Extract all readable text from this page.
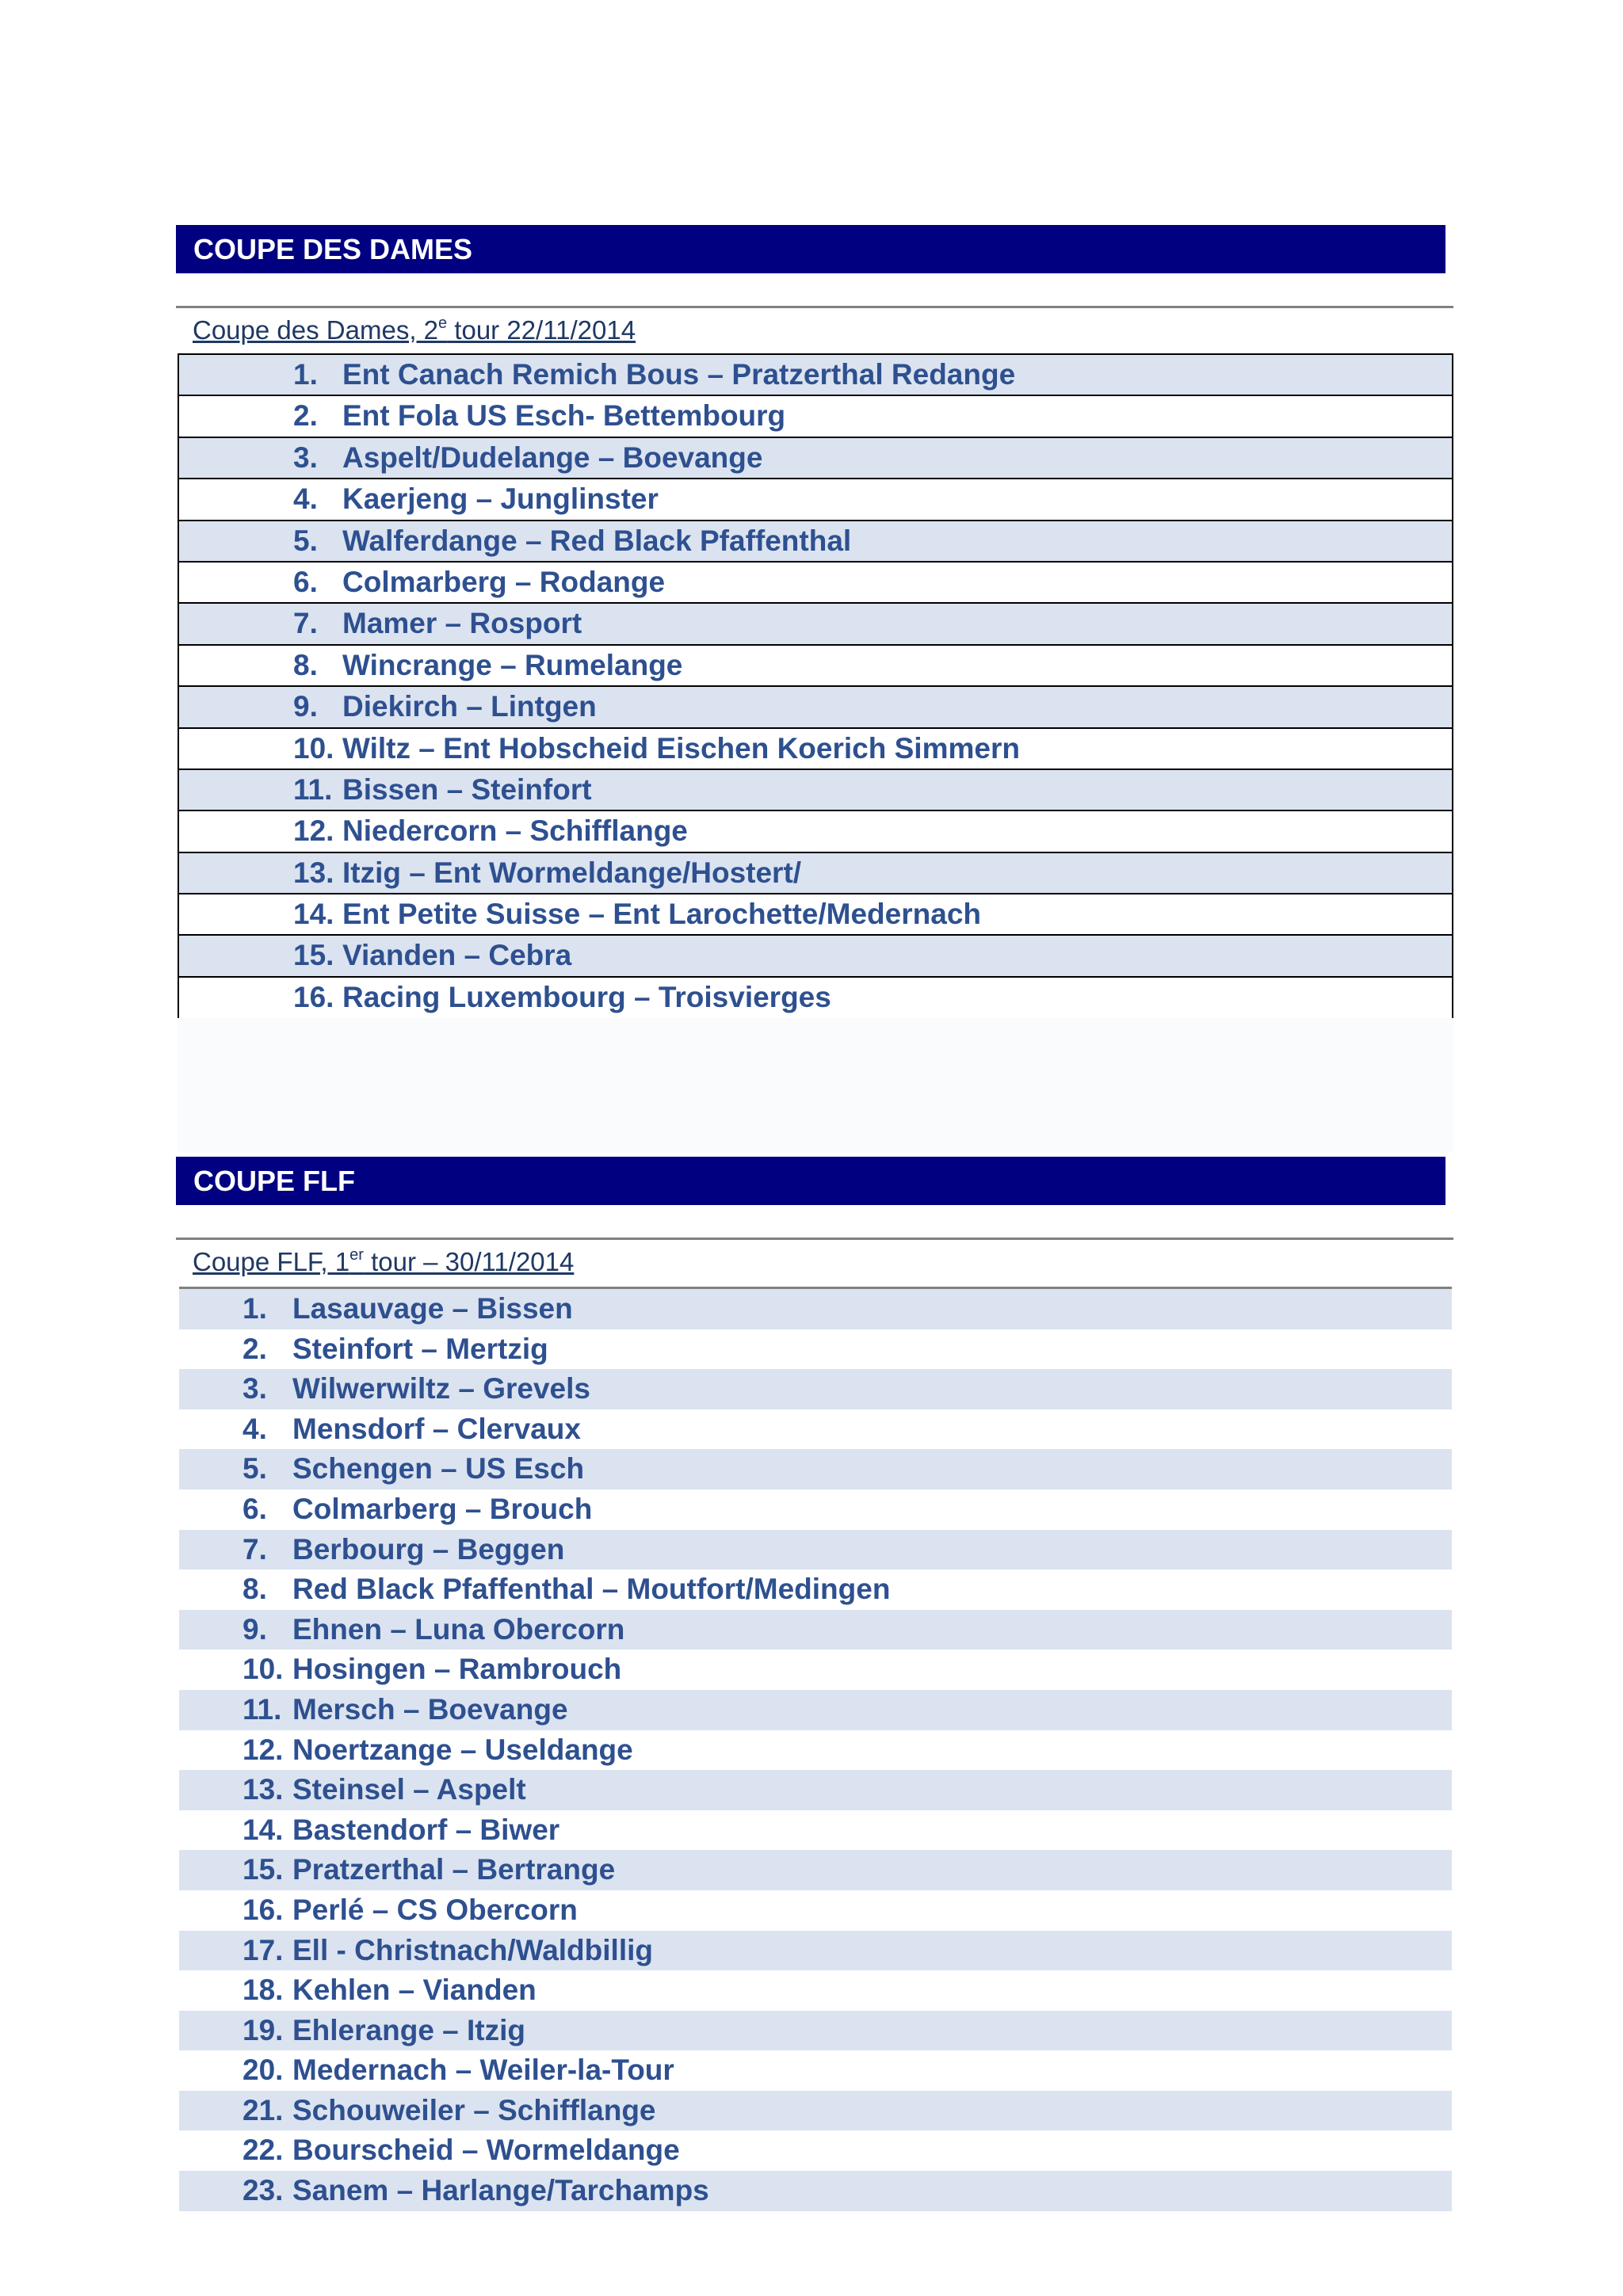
COUPE DES DAMES
Coupe des Dames, 2e tour 22/11/2014
1. Ent Canach Remich Bous – Pratzerthal Redange
2. Ent Fola US Esch- Bettembourg
3. Aspelt/Dudelange – Boevange
4. Kaerjeng – Junglinster
5. Walferdange – Red Black Pfaffenthal
6. Colmarberg – Rodange
7. Mamer – Rosport
8. Wincrange – Rumelange
9. Diekirch – Lintgen
10. Wiltz – Ent Hobscheid Eischen Koerich Simmern
11. Bissen – Steinfort
12. Niedercorn – Schifflange
13. Itzig – Ent Wormeldange/Hostert/
14. Ent Petite Suisse – Ent Larochette/Medernach
15. Vianden – Cebra
16. Racing Luxembourg – Troisvierges
COUPE FLF
Coupe FLF, 1er tour – 30/11/2014
1. Lasauvage – Bissen
2. Steinfort – Mertzig
3. Wilwerwiltz – Grevels
4. Mensdorf – Clervaux
5. Schengen – US Esch
6. Colmarberg – Brouch
7. Berbourg – Beggen
8. Red Black Pfaffenthal – Moutfort/Medingen
9. Ehnen – Luna Obercorn
10. Hosingen – Rambrouch
11. Mersch – Boevange
12. Noertzange – Useldange
13. Steinsel – Aspelt
14. Bastendorf – Biwer
15. Pratzerthal – Bertrange
16. Perlé – CS Obercorn
17. Ell - Christnach/Waldbillig
18. Kehlen – Vianden
19. Ehlerange – Itzig
20. Medernach – Weiler-la-Tour
21. Schouweiler – Schifflange
22. Bourscheid – Wormeldange
23. Sanem – Harlange/Tarchamps
